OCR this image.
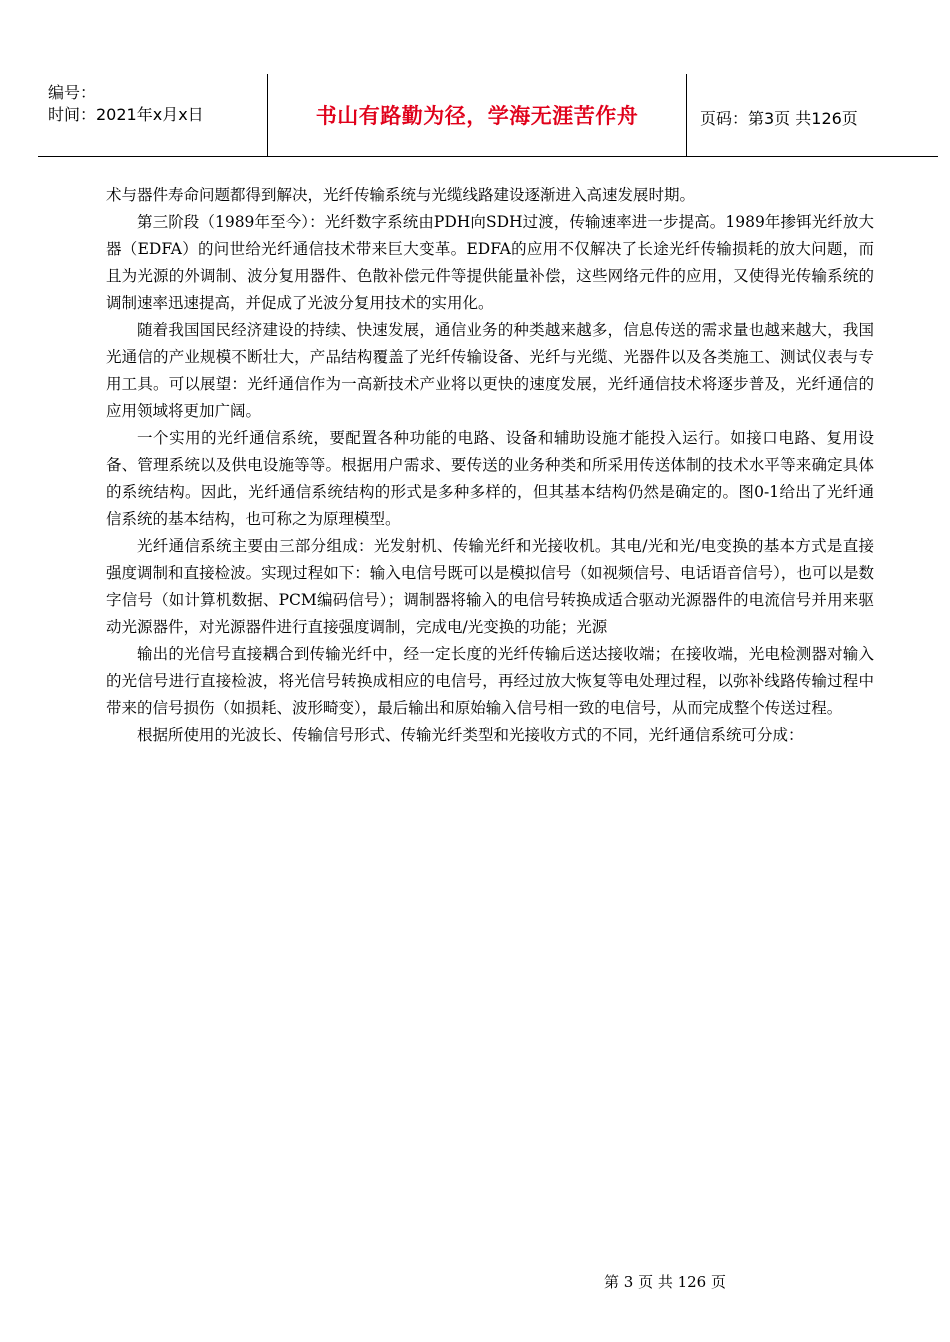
编号：
时间：2021年x月x日	书山有路勤为径，学海无涯苦作舟	页码：第3页 共126页

术与器件寿命问题都得到解决，光纤传输系统与光缆线路建设逐渐进入高速发展时期。

第三阶段（1989年至今）：光纤数字系统由PDH向SDH过渡，传输速率进一步提高。1989年掺铒光纤放大器（EDFA）的问世给光纤通信技术带来巨大变革。EDFA的应用不仅解决了长途光纤传输损耗的放大问题，而且为光源的外调制、波分复用器件、色散补偿元件等提供能量补偿，这些网络元件的应用，又使得光传输系统的调制速率迅速提高，并促成了光波分复用技术的实用化。

随着我国国民经济建设的持续、快速发展，通信业务的种类越来越多，信息传送的需求量也越来越大，我国光通信的产业规模不断壮大，产品结构覆盖了光纤传输设备、光纤与光缆、光器件以及各类施工、测试仪表与专用工具。可以展望：光纤通信作为一高新技术产业将以更快的速度发展，光纤通信技术将逐步普及，光纤通信的应用领域将更加广阔。

一个实用的光纤通信系统，要配置各种功能的电路、设备和辅助设施才能投入运行。如接口电路、复用设备、管理系统以及供电设施等等。根据用户需求、要传送的业务种类和所采用传送体制的技术水平等来确定具体的系统结构。因此，光纤通信系统结构的形式是多种多样的，但其基本结构仍然是确定的。图0-1给出了光纤通信系统的基本结构，也可称之为原理模型。

光纤通信系统主要由三部分组成：光发射机、传输光纤和光接收机。其电/光和光/电变换的基本方式是直接强度调制和直接检波。实现过程如下：输入电信号既可以是模拟信号（如视频信号、电话语音信号），也可以是数字信号（如计算机数据、PCM编码信号）；调制器将输入的电信号转换成适合驱动光源器件的电流信号并用来驱动光源器件，对光源器件进行直接强度调制，完成电/光变换的功能；光源

输出的光信号直接耦合到传输光纤中，经一定长度的光纤传输后送达接收端；在接收端，光电检测器对输入的光信号进行直接检波，将光信号转换成相应的电信号，再经过放大恢复等电处理过程，以弥补线路传输过程中带来的信号损伤（如损耗、波形畸变），最后输出和原始输入信号相一致的电信号，从而完成整个传送过程。

根据所使用的光波长、传输信号形式、传输光纤类型和光接收方式的不同，光纤通信系统可分成：

第 3 页 共 126 页
